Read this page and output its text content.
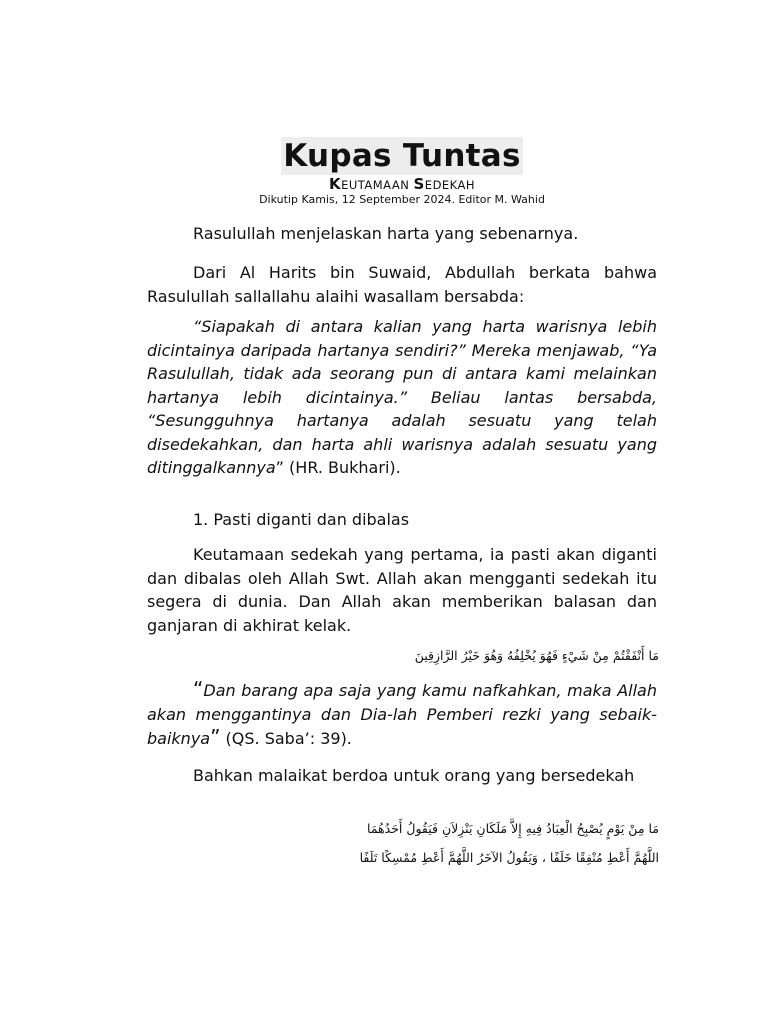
Kupas Tuntas
KEUTAMAAN SEDEKAH
Dikutip Kamis, 12 September 2024. Editor M. Wahid

Rasulullah menjelaskan harta yang sebenarnya.

Dari Al Harits bin Suwaid, Abdullah berkata bahwa Rasulullah sallallahu alaihi wasallam bersabda:

“Siapakah di antara kalian yang harta warisnya lebih dicintainya daripada hartanya sendiri?” Mereka menjawab, “Ya Rasulullah, tidak ada seorang pun di antara kami melainkan hartanya lebih dicintainya.” Beliau lantas bersabda, “Sesungguhnya hartanya adalah sesuatu yang telah disedekahkan, dan harta ahli warisnya adalah sesuatu yang ditinggalkannya” (HR. Bukhari).

1. Pasti diganti dan dibalas

Keutamaan sedekah yang pertama, ia pasti akan diganti dan dibalas oleh Allah Swt. Allah akan mengganti sedekah itu segera di dunia. Dan Allah akan memberikan balasan dan ganjaran di akhirat kelak.

مَا أَنْفَقْتُمْ مِنْ شَيْءٍ فَهُوَ يُخْلِفُهُ وَهُوَ خَيْرُ الرَّازِقِينَ

“Dan barang apa saja yang kamu nafkahkan, maka Allah akan menggantinya dan Dia-lah Pemberi rezki yang sebaik-baiknya” (QS. Saba’: 39).

Bahkan malaikat berdoa untuk orang yang bersedekah

مَا مِنْ يَوْمٍ يُصْبِحُ الْعِبَادُ فِيهِ إِلاَّ مَلَكَانِ يَنْزِلاَنِ فَيَقُولُ أَحَدُهُمَا
اللَّهُمَّ أَعْطِ مُنْفِقًا خَلَفًا ، وَيَقُولُ الآخَرُ اللَّهُمَّ أَعْطِ مُمْسِكًا تَلَفًا
